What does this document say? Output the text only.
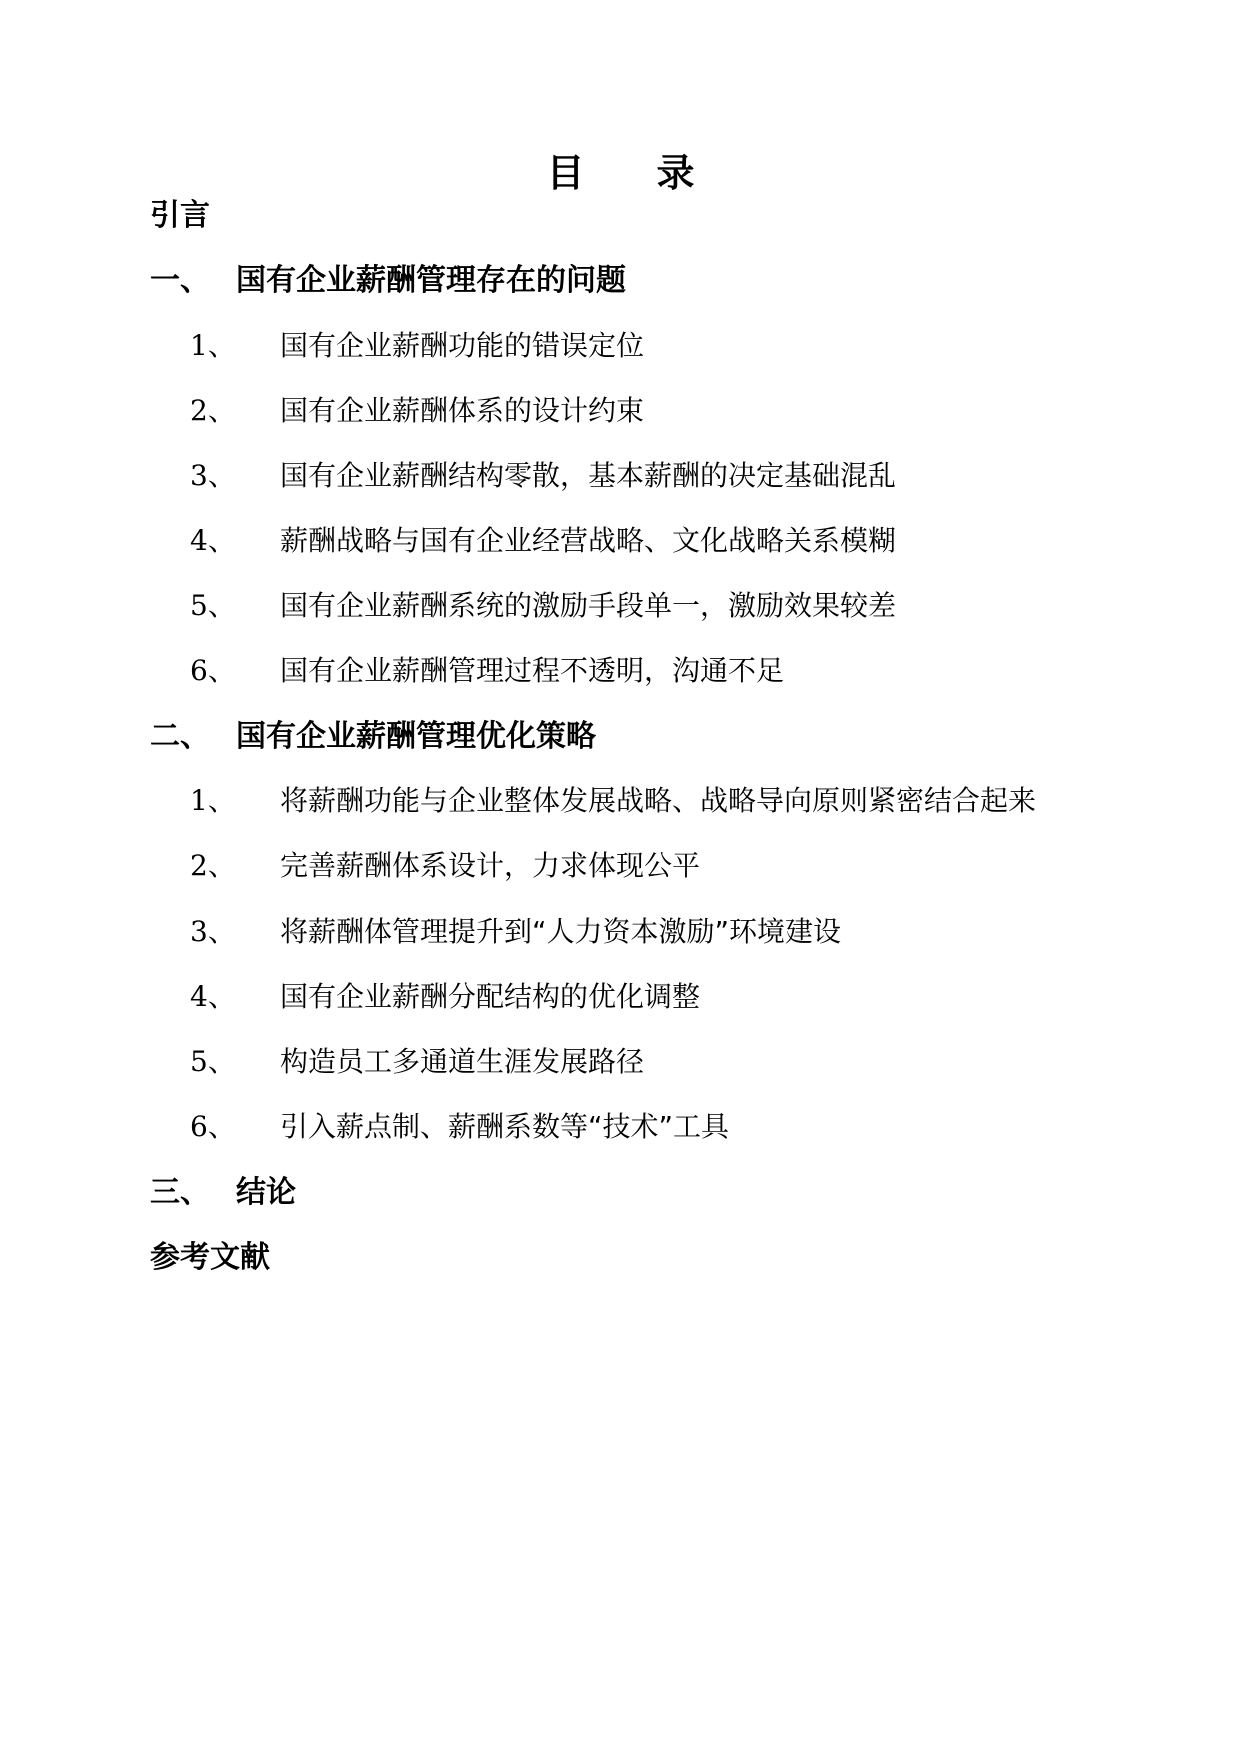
目 录
引言
一、 国有企业薪酬管理存在的问题
1、 国有企业薪酬功能的错误定位
2、 国有企业薪酬体系的设计约束
3、 国有企业薪酬结构零散，基本薪酬的决定基础混乱
4、 薪酬战略与国有企业经营战略、文化战略关系模糊
5、 国有企业薪酬系统的激励手段单一，激励效果较差
6、 国有企业薪酬管理过程不透明，沟通不足
二、 国有企业薪酬管理优化策略
1、 将薪酬功能与企业整体发展战略、战略导向原则紧密结合起来
2、 完善薪酬体系设计，力求体现公平
3、 将薪酬体管理提升到“人力资本激励”环境建设
4、 国有企业薪酬分配结构的优化调整
5、 构造员工多通道生涯发展路径
6、 引入薪点制、薪酬系数等“技术”工具
三、 结论
参考文献
